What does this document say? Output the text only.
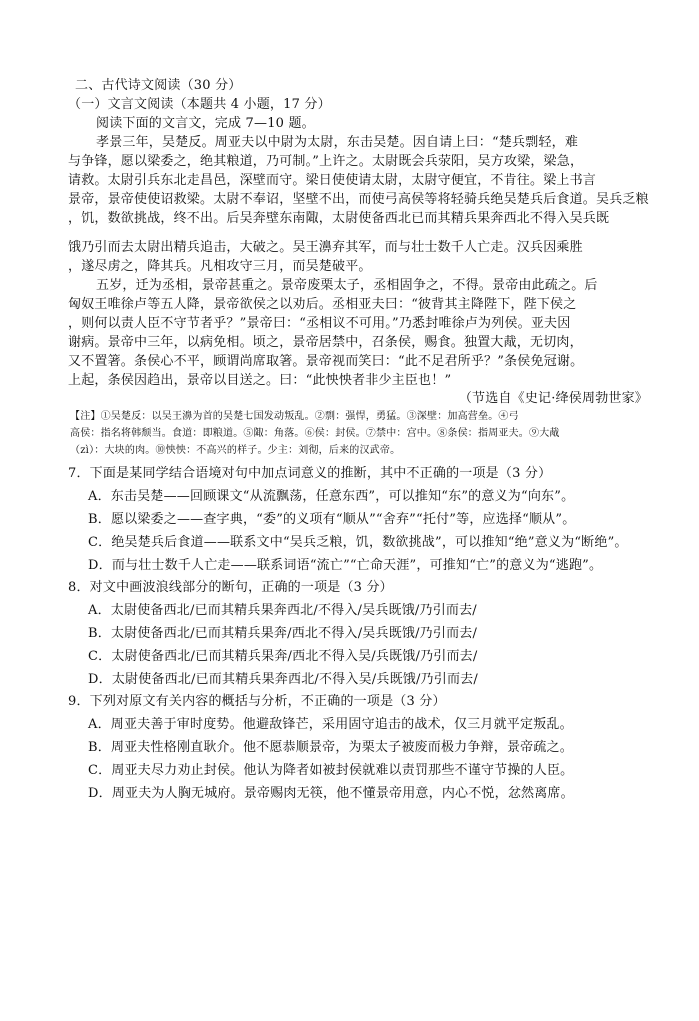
二、古代诗文阅读（30 分）
（一）文言文阅读（本题共 4 小题，17 分）
阅读下面的文言文，完成 7—10 题。
孝景三年，吴楚反。周亚夫以中尉为太尉，东击吴楚。因自请上曰：“楚兵剽轻，难
与争锋，愿以梁委之，绝其粮道，乃可制。”上许之。太尉既会兵荥阳，吴方攻梁，梁急，
请救。太尉引兵东北走昌邑，深壁而守。梁日使使请太尉，太尉守便宜，不肯往。梁上书言
景帝，景帝使使诏救梁。太尉不奉诏，坚壁不出，而使弓高侯等将轻骑兵绝吴楚兵后食道。吴兵乏粮
，饥，数欲挑战，终不出。后吴奔壁东南陬，太尉使备西北已而其精兵果奔西北不得入吴兵既
饿乃引而去太尉出精兵追击，大破之。吴王濞弃其军，而与壮士数千人亡走。汉兵因乘胜
，遂尽虏之，降其兵。凡相攻守三月，而吴楚破平。
五岁，迁为丞相，景帝甚重之。景帝废栗太子，丞相固争之，不得。景帝由此疏之。后
匈奴王唯徐卢等五人降，景帝欲侯之以劝后。丞相亚夫曰：“彼背其主降陛下，陛下侯之
，则何以责人臣不守节者乎？”景帝曰：“丞相议不可用。”乃悉封唯徐卢为列侯。亚夫因
谢病。景帝中三年，以病免相。顷之，景帝居禁中，召条侯，赐食。独置大胾，无切肉，
又不置箸。条侯心不平，顾谓尚席取箸。景帝视而笑曰：“此不足君所乎？”条侯免冠谢。
上起，条侯因趋出，景帝以目送之。曰：“此怏怏者非少主臣也！”
（节选自《史记·绛侯周勃世家》
【注】①吴楚反：以吴王濞为首的吴楚七国发动叛乱。②剽：强悍，勇猛。③深壁：加高营垒。④弓
高侯：指名将韩颓当。食道：即粮道。⑤陬：角落。⑥侯：封侯。⑦禁中：宫中。⑧条侯：指周亚夫。⑨大胾
（zì）：大块的肉。⑩怏怏：不高兴的样子。少主：刘彻，后来的汉武帝。
7．下面是某同学结合语境对句中加点词意义的推断，其中不正确的一项是（3 分）
A．东击吴楚——回顾课文“从流飘荡，任意东西”，可以推知“东”的意义为“向东”。
B．愿以梁委之——查字典，“委”的义项有“顺从”“舍弃”“托付”等，应选择“顺从”。
C．绝吴楚兵后食道——联系文中“吴兵乏粮，饥，数欲挑战”，可以推知“绝”意义为“断绝”。
D．而与壮士数千人亡走——联系词语“流亡”“亡命天涯”，可推知“亡”的意义为“逃跑”。
8．对文中画波浪线部分的断句，正确的一项是（3 分）
A．太尉使备西北/已而其精兵果奔西北/不得入/吴兵既饿/乃引而去/
B．太尉使备西北/已而其精兵果奔/西北不得入/吴兵既饿/乃引而去/
C．太尉使备西北/已而其精兵果奔/西北不得入吴/兵既饿/乃引而去/
D．太尉使备西北/已而其精兵果奔西北/不得入吴/兵既饿/乃引而去/
9．下列对原文有关内容的概括与分析，不正确的一项是（3 分）
A．周亚夫善于审时度势。他避敌锋芒，采用固守追击的战术，仅三月就平定叛乱。
B．周亚夫性格刚直耿介。他不愿恭顺景帝，为栗太子被废而极力争辩，景帝疏之。
C．周亚夫尽力劝止封侯。他认为降者如被封侯就难以责罚那些不谨守节操的人臣。
D．周亚夫为人胸无城府。景帝赐肉无筷，他不懂景帝用意，内心不悦，忿然离席。
